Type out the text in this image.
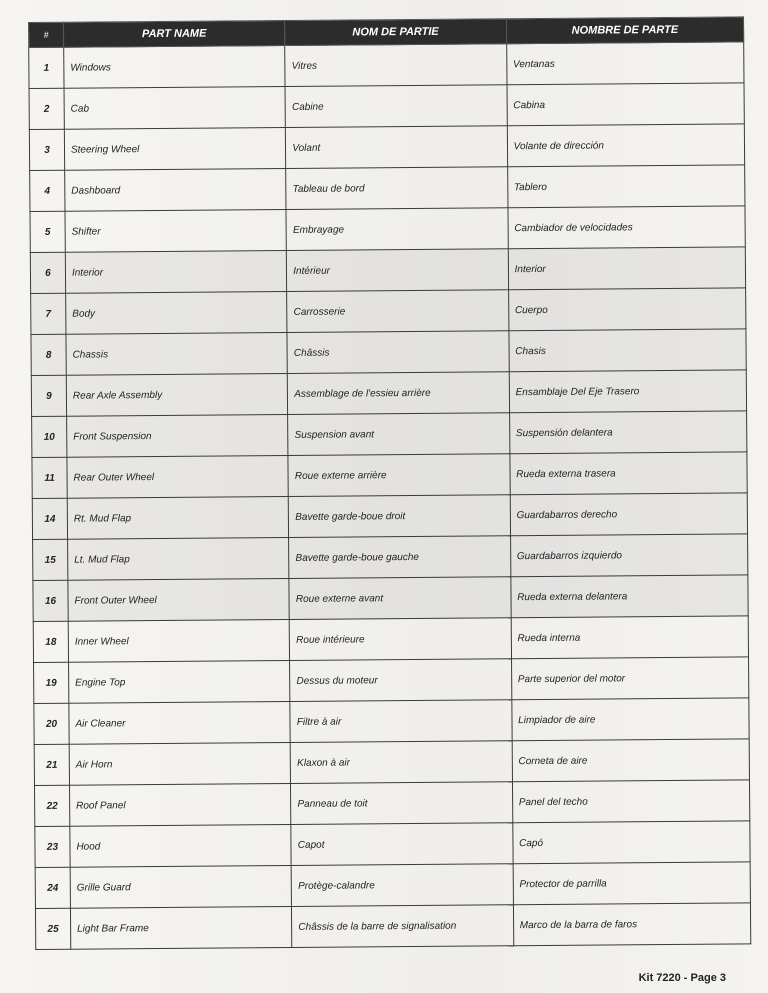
#	PART NAME	NOM DE PARTIE	NOMBRE DE PARTE
1	Windows	Vitres	Ventanas
2	Cab	Cabine	Cabina
3	Steering Wheel	Volant	Volante de dirección
4	Dashboard	Tableau de bord	Tablero
5	Shifter	Embrayage	Cambiador de velocidades
6	Interior	Intérieur	Interior
7	Body	Carrosserie	Cuerpo
8	Chassis	Châssis	Chasis
9	Rear Axle Assembly	Assemblage de l'essieu arrière	Ensamblaje Del Eje Trasero
10	Front Suspension	Suspension avant	Suspensión delantera
11	Rear Outer Wheel	Roue externe arrière	Rueda externa trasera
14	Rt. Mud Flap	Bavette garde-boue droit	Guardabarros derecho
15	Lt. Mud Flap	Bavette garde-boue gauche	Guardabarros izquierdo
16	Front Outer Wheel	Roue externe avant	Rueda externa delantera
18	Inner Wheel	Roue intérieure	Rueda interna
19	Engine Top	Dessus du moteur	Parte superior del motor
20	Air Cleaner	Filtre à air	Limpiador de aire
21	Air Horn	Klaxon à air	Corneta de aire
22	Roof Panel	Panneau de toit	Panel del techo
23	Hood	Capot	Capó
24	Grille Guard	Protège-calandre	Protector de parrilla
25	Light Bar Frame	Châssis de la barre de signalisation	Marco de la barra de faros
Kit 7220 - Page 3
